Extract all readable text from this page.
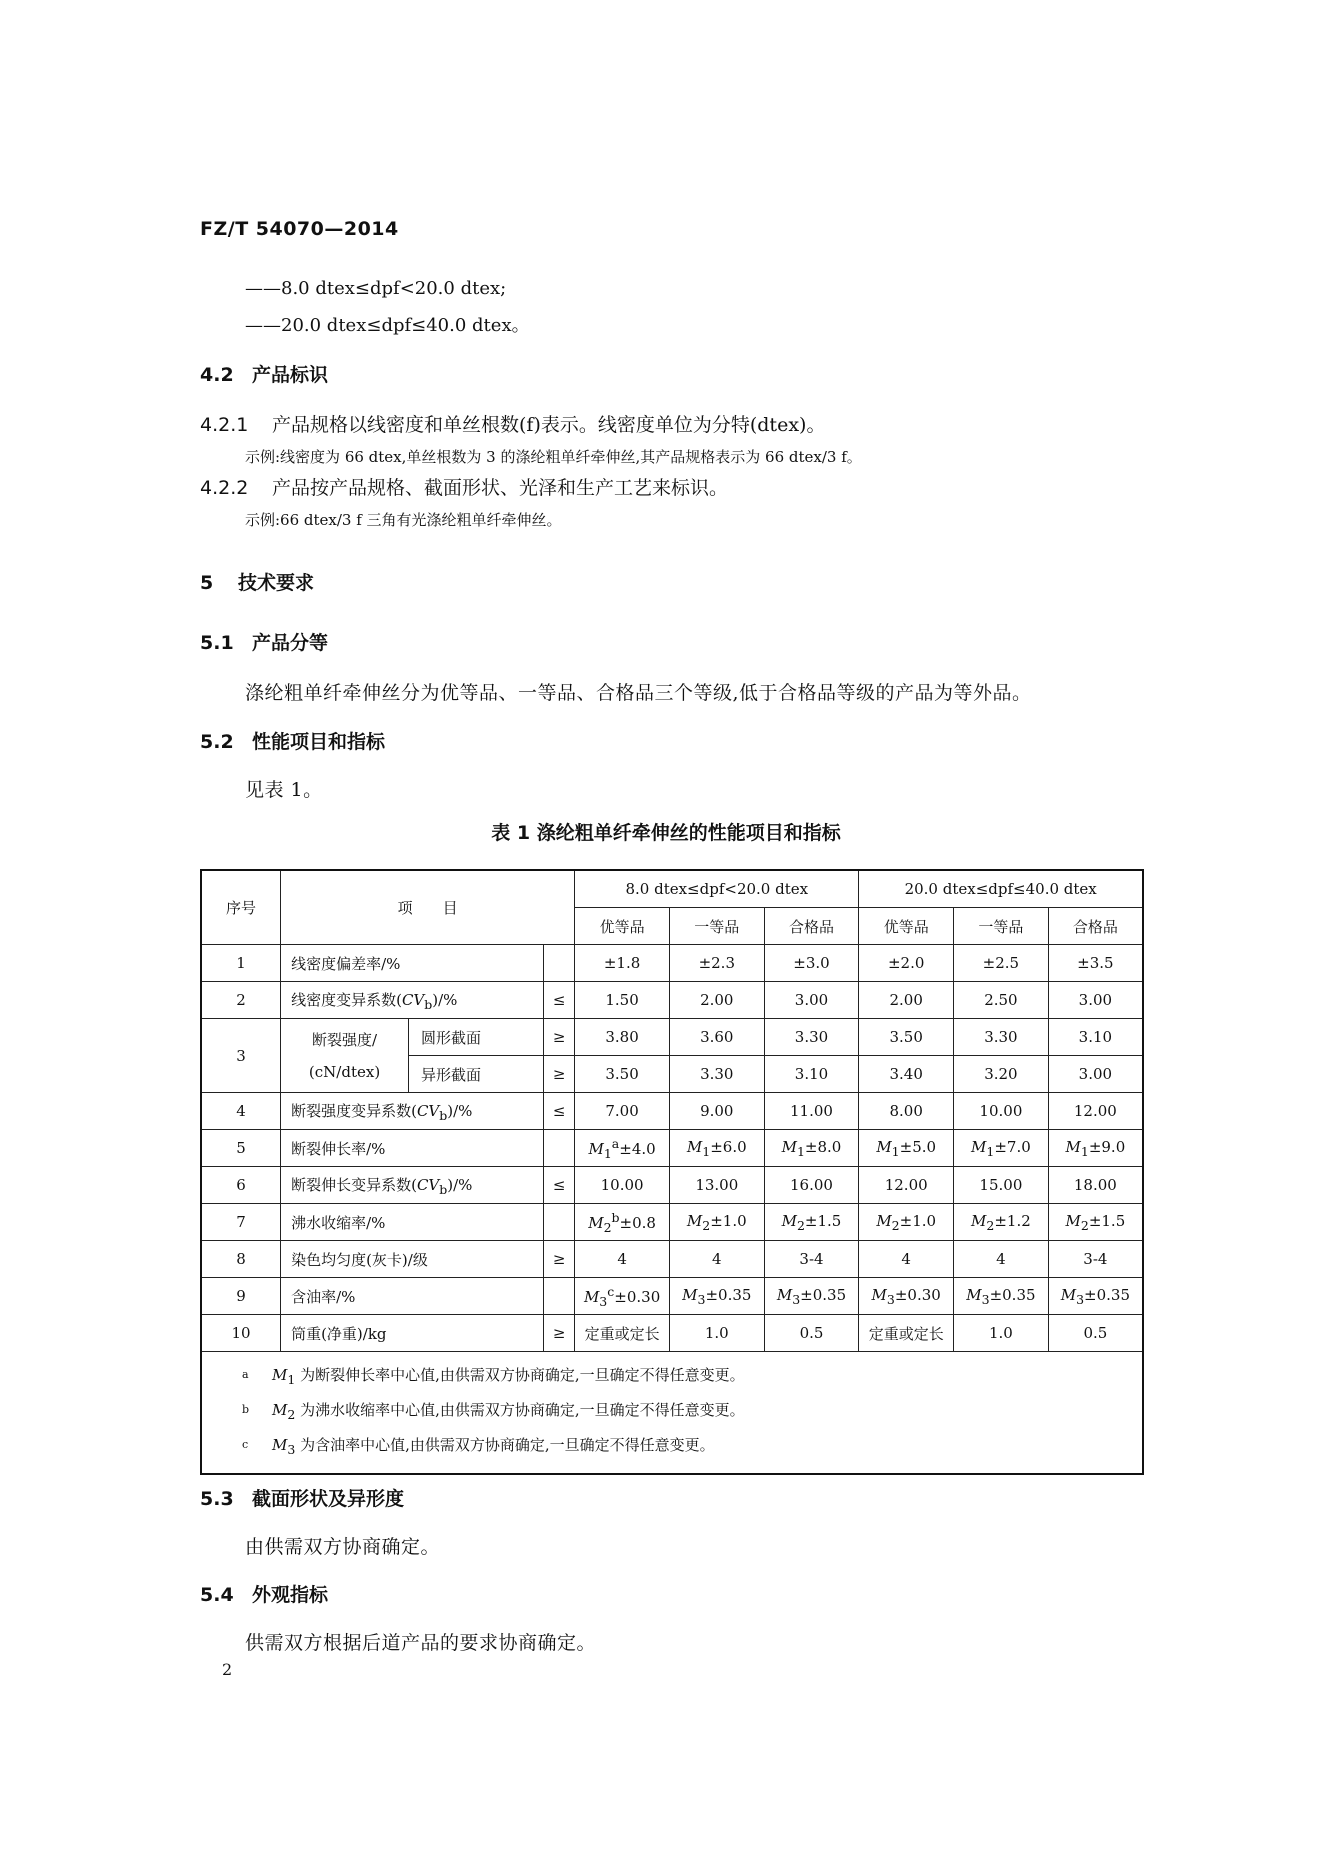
FZ/T 54070—2014
——8.0 dtex≤dpf<20.0 dtex;
——20.0 dtex≤dpf≤40.0 dtex。
4.2 产品标识
4.2.1 产品规格以线密度和单丝根数(f)表示。线密度单位为分特(dtex)。
示例:线密度为 66 dtex,单丝根数为 3 的涤纶粗单纤牵伸丝,其产品规格表示为 66 dtex/3 f。
4.2.2 产品按产品规格、截面形状、光泽和生产工艺来标识。
示例:66 dtex/3 f 三角有光涤纶粗单纤牵伸丝。
5 技术要求
5.1 产品分等
涤纶粗单纤牵伸丝分为优等品、一等品、合格品三个等级,低于合格品等级的产品为等外品。
5.2 性能项目和指标
见表 1。
表 1 涤纶粗单纤牵伸丝的性能项目和指标
序号	项　　目			8.0 dtex≤dpf<20.0 dtex			20.0 dtex≤dpf≤40.0 dtex		
				优等品	一等品	合格品	优等品	一等品	合格品
1	线密度偏差率/%			±1.8	±2.3	±3.0	±2.0	±2.5	±3.5
2	线密度变异系数$(CV_b)/\%$		≤	1.50	2.00	3.00	2.00	2.50	3.00
3	断裂强度/
(cN/dtex)	圆形截面	≥	3.80	3.60	3.30	3.50	3.30	3.10
		异形截面	≥	3.50	3.30	3.10	3.40	3.20	3.00
4	断裂强度变异系数$(CV_b)/\%$		≤	7.00	9.00	11.00	8.00	10.00	12.00
5	断裂伸长率/%			$M_1^a\pm 4.0$	$M_1\pm 6.0$	$M_1\pm 8.0$	$M_1\pm 5.0$	$M_1\pm 7.0$	$M_1\pm 9.0$
6	断裂伸长变异系数$(CV_b)/\%$		≤	10.00	13.00	16.00	12.00	15.00	18.00
7	沸水收缩率/%			$M_2^b\pm 0.8$	$M_2\pm 1.0$	$M_2\pm 1.5$	$M_2\pm 1.0$	$M_2\pm 1.2$	$M_2\pm 1.5$
8	染色均匀度(灰卡)/级		≥	4	4	3-4	4	4	3-4
9	含油率/%			$M_3^c\pm 0.30$	$M_3\pm 0.35$	$M_3\pm 0.35$	$M_3\pm 0.30$	$M_3\pm 0.35$	$M_3\pm 0.35$
10	筒重(净重)/kg		≥	定重或定长	1.0	0.5	定重或定长	1.0	0.5

a $M_1$ 为断裂伸长率中心值,由供需双方协商确定,一旦确定不得任意变更。
b $M_2$ 为沸水收缩率中心值,由供需双方协商确定,一旦确定不得任意变更。
c $M_3$ 为含油率中心值,由供需双方协商确定,一旦确定不得任意变更。									
5.3 截面形状及异形度
由供需双方协商确定。
5.4 外观指标
供需双方根据后道产品的要求协商确定。
2
